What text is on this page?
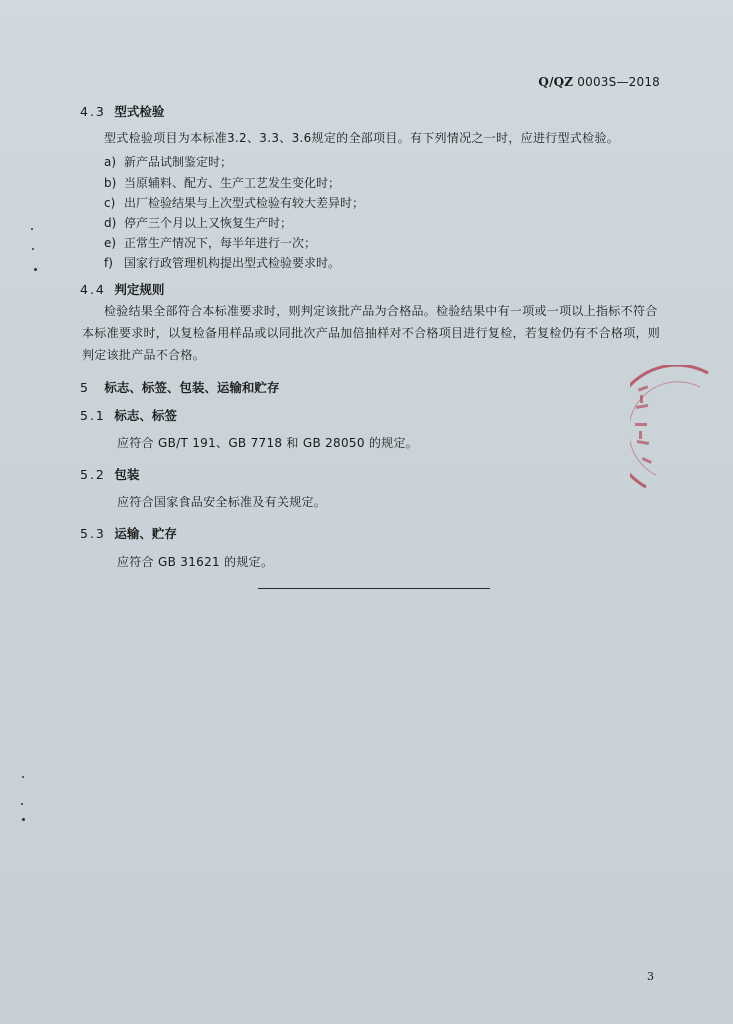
Q/QZ 0003S—2018
4.3 型式检验
型式检验项目为本标准3.2、3.3、3.6规定的全部项目。有下列情况之一时，应进行型式检验。
a) 新产品试制鉴定时；
b) 当原辅料、配方、生产工艺发生变化时；
c) 出厂检验结果与上次型式检验有较大差异时；
d) 停产三个月以上又恢复生产时；
e) 正常生产情况下，每半年进行一次；
f) 国家行政管理机构提出型式检验要求时。
4.4 判定规则
检验结果全部符合本标准要求时，则判定该批产品为合格品。检验结果中有一项或一项以上指标不符合本标准要求时，以复检备用样品或以同批次产品加倍抽样对不合格项目进行复检，若复检仍有不合格项，则判定该批产品不合格。
5 标志、标签、包装、运输和贮存
5.1 标志、标签
应符合 GB/T 191、GB 7718 和 GB 28050 的规定。
5.2 包装
应符合国家食品安全标准及有关规定。
5.3 运输、贮存
应符合 GB 31621 的规定。
3
